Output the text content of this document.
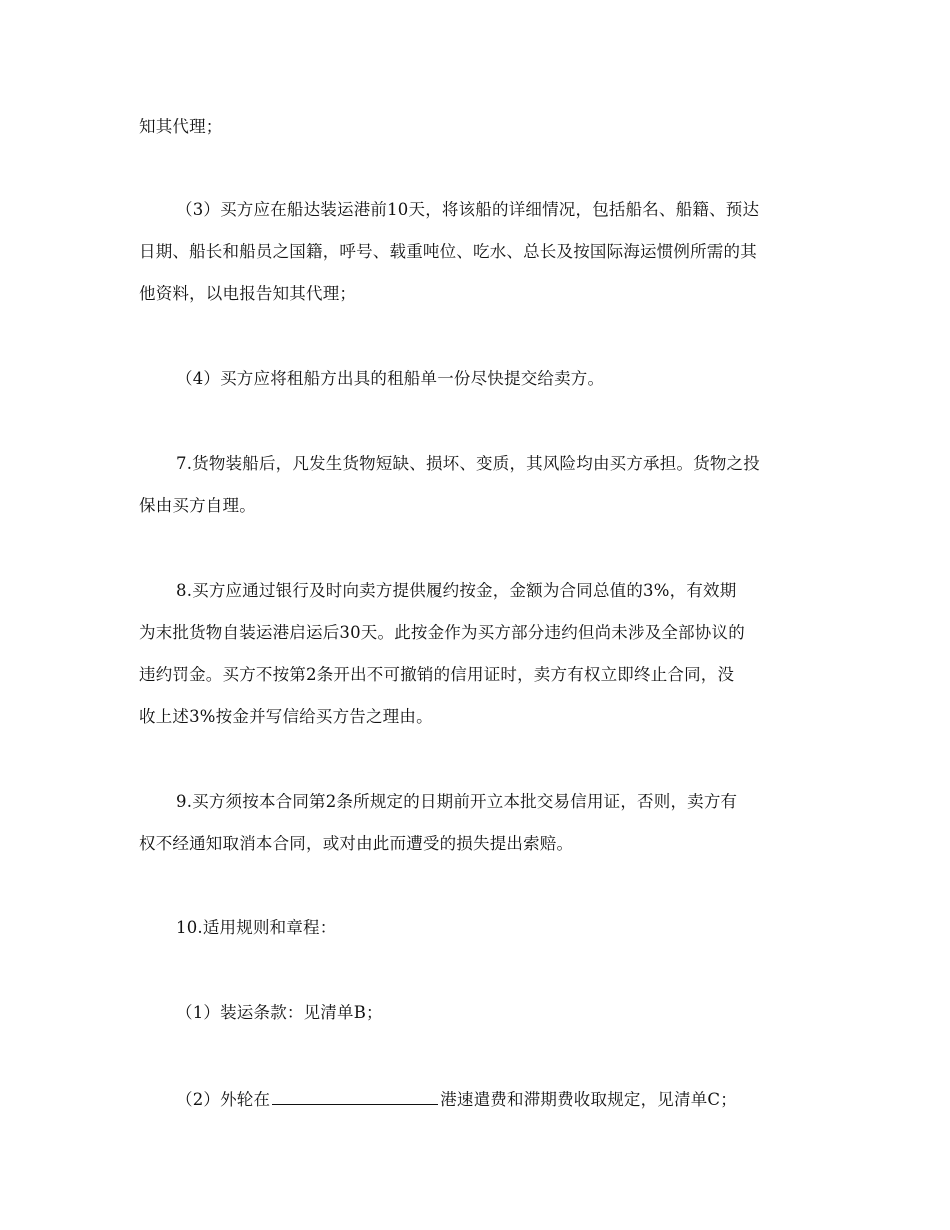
知其代理；
（3）买方应在船达装运港前10天，将该船的详细情况，包括船名、船籍、预达
日期、船长和船员之国籍，呼号、载重吨位、吃水、总长及按国际海运惯例所需的其
他资料，以电报告知其代理；
（4）买方应将租船方出具的租船单一份尽快提交给卖方。
7.货物装船后，凡发生货物短缺、损坏、变质，其风险均由买方承担。货物之投
保由买方自理。
8.买方应通过银行及时向卖方提供履约按金，金额为合同总值的3%，有效期
为末批货物自装运港启运后30天。此按金作为买方部分违约但尚未涉及全部协议的
违约罚金。买方不按第2条开出不可撤销的信用证时，卖方有权立即终止合同，没
收上述3%按金并写信给买方告之理由。
9.买方须按本合同第2条所规定的日期前开立本批交易信用证，否则，卖方有
权不经通知取消本合同，或对由此而遭受的损失提出索赔。
10.适用规则和章程：
（1）装运条款：见清单B；
（2）外轮在	港速遣费和滞期费收取规定，见清单C；
